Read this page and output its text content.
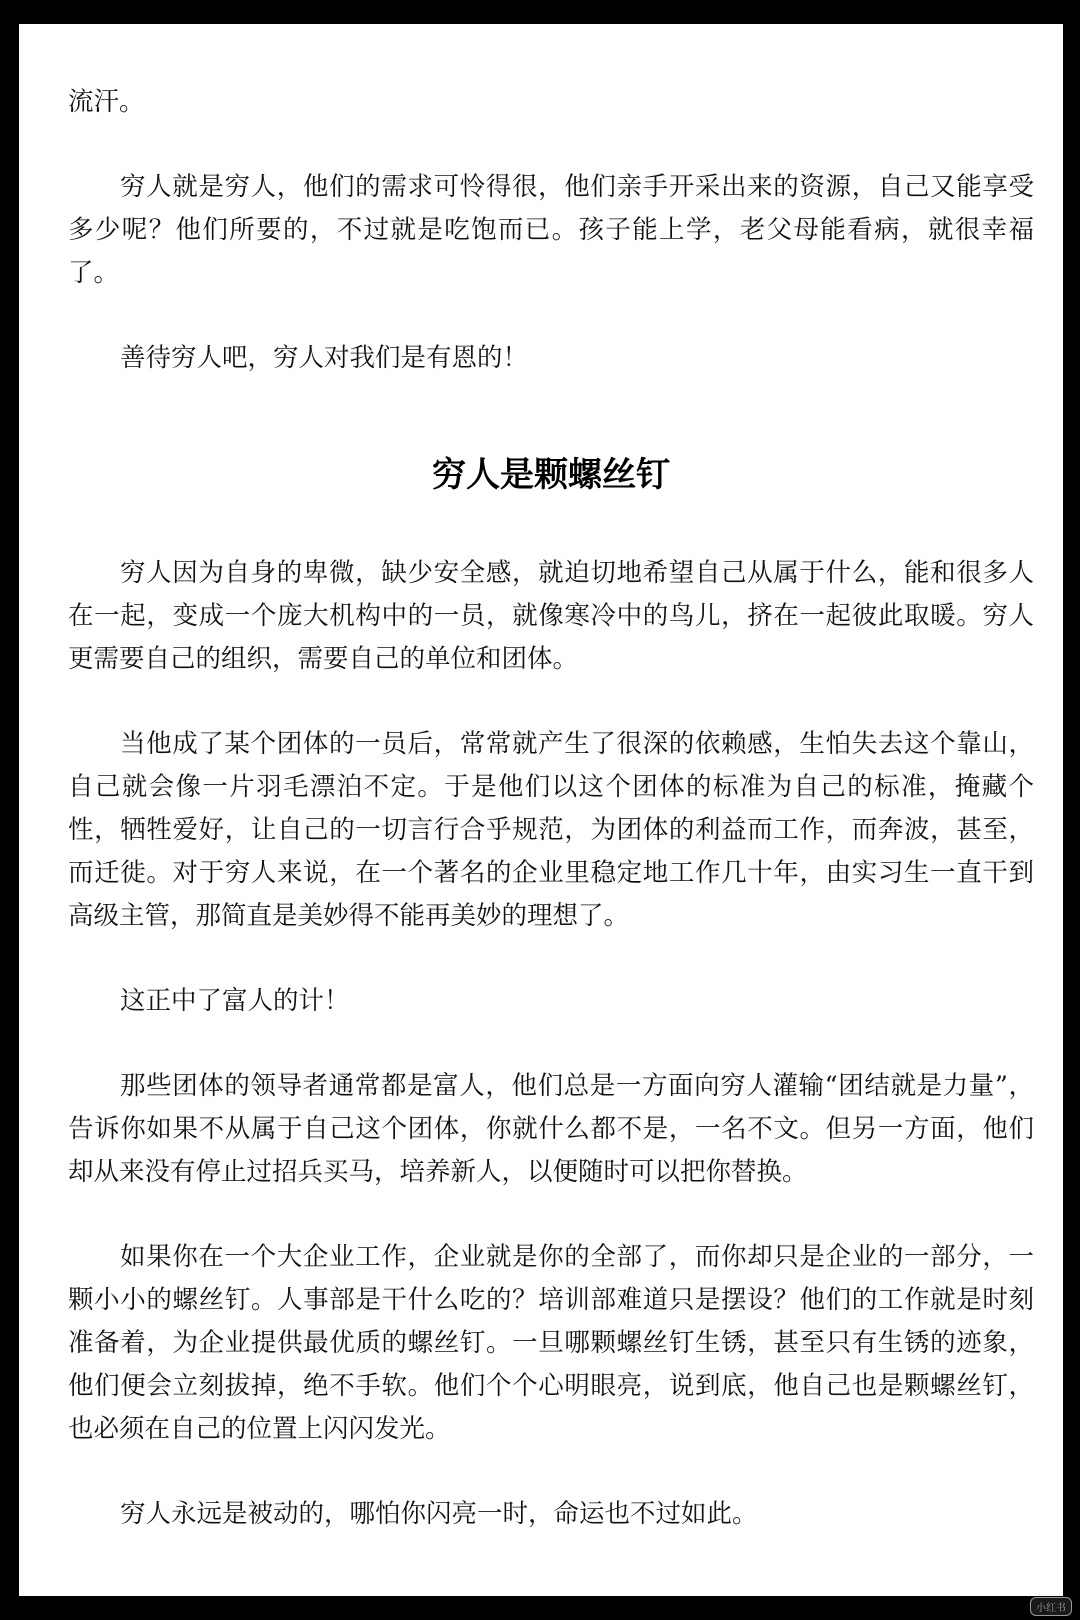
流汗。

穷人就是穷人，他们的需求可怜得很，他们亲手开采出来的资源，自己又能享受多少呢？他们所要的，不过就是吃饱而已。孩子能上学，老父母能看病，就很幸福了。

善待穷人吧，穷人对我们是有恩的！

穷人是颗螺丝钉

穷人因为自身的卑微，缺少安全感，就迫切地希望自己从属于什么，能和很多人在一起，变成一个庞大机构中的一员，就像寒冷中的鸟儿，挤在一起彼此取暖。穷人更需要自己的组织，需要自己的单位和团体。

当他成了某个团体的一员后，常常就产生了很深的依赖感，生怕失去这个靠山，自己就会像一片羽毛漂泊不定。于是他们以这个团体的标准为自己的标准，掩藏个性，牺牲爱好，让自己的一切言行合乎规范，为团体的利益而工作，而奔波，甚至，而迁徙。对于穷人来说，在一个著名的企业里稳定地工作几十年，由实习生一直干到高级主管，那简直是美妙得不能再美妙的理想了。

这正中了富人的计！

那些团体的领导者通常都是富人，他们总是一方面向穷人灌输“团结就是力量”，告诉你如果不从属于自己这个团体，你就什么都不是，一名不文。但另一方面，他们却从来没有停止过招兵买马，培养新人，以便随时可以把你替换。

如果你在一个大企业工作，企业就是你的全部了，而你却只是企业的一部分，一颗小小的螺丝钉。人事部是干什么吃的？培训部难道只是摆设？他们的工作就是时刻准备着，为企业提供最优质的螺丝钉。一旦哪颗螺丝钉生锈，甚至只有生锈的迹象，他们便会立刻拔掉，绝不手软。他们个个心明眼亮，说到底，他自己也是颗螺丝钉，也必须在自己的位置上闪闪发光。

穷人永远是被动的，哪怕你闪亮一时，命运也不过如此。

小红书
